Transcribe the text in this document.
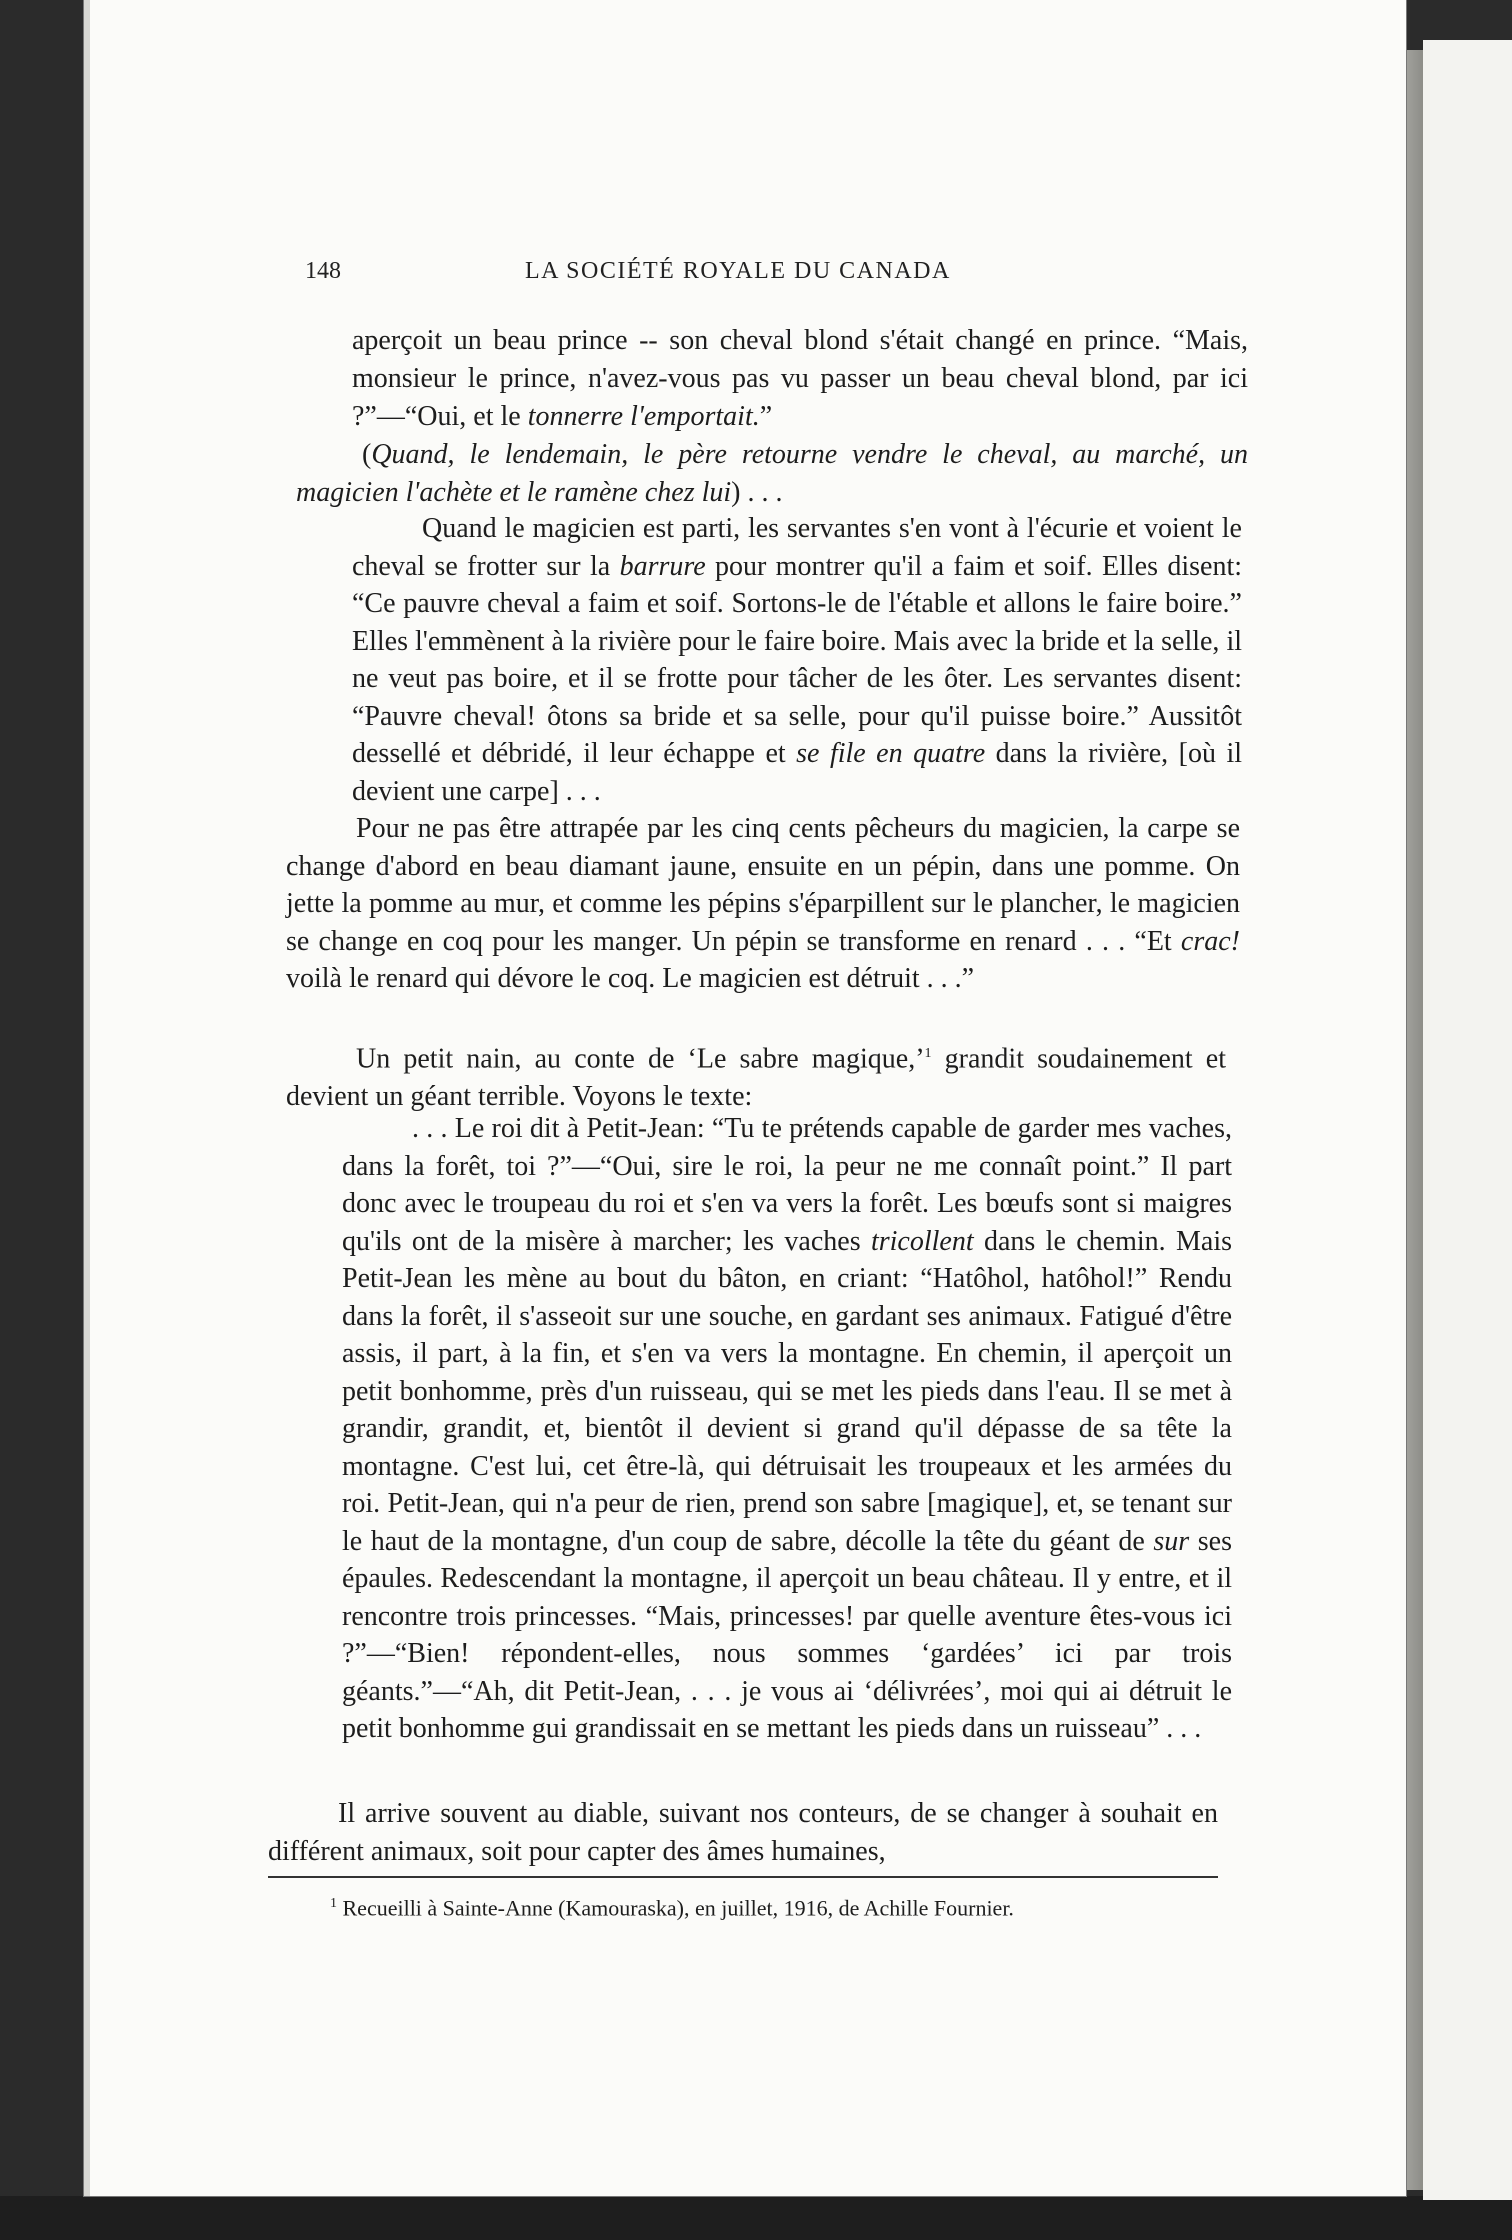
148	LA SOCIÉTÉ ROYALE DU CANADA

aperçoit un beau prince -- son cheval blond s'était changé en prince. “Mais, monsieur le prince, n'avez-vous pas vu passer un beau cheval blond, par ici ?”—“Oui, et le tonnerre l'emportait.”

(Quand, le lendemain, le père retourne vendre le cheval, au marché, un magicien l'achète et le ramène chez lui) . . .

Quand le magicien est parti, les servantes s'en vont à l'écurie et voient le cheval se frotter sur la barrure pour montrer qu'il a faim et soif. Elles disent: “Ce pauvre cheval a faim et soif. Sortons-le de l'étable et allons le faire boire.” Elles l'emmènent à la rivière pour le faire boire. Mais avec la bride et la selle, il ne veut pas boire, et il se frotte pour tâcher de les ôter. Les servantes disent: “Pauvre cheval! ôtons sa bride et sa selle, pour qu'il puisse boire.” Aussitôt dessellé et débridé, il leur échappe et se file en quatre dans la rivière, [où il devient une carpe] . . .

Pour ne pas être attrapée par les cinq cents pêcheurs du magicien, la carpe se change d'abord en beau diamant jaune, ensuite en un pépin, dans une pomme. On jette la pomme au mur, et comme les pépins s'éparpillent sur le plancher, le magicien se change en coq pour les manger. Un pépin se transforme en renard . . . “Et crac! voilà le renard qui dévore le coq. Le magicien est détruit . . .”

Un petit nain, au conte de ‘Le sabre magique,’$^1$ grandit soudainement et devient un géant terrible. Voyons le texte:

. . . Le roi dit à Petit-Jean: “Tu te prétends capable de garder mes vaches, dans la forêt, toi ?”—“Oui, sire le roi, la peur ne me connaît point.” Il part donc avec le troupeau du roi et s'en va vers la forêt. Les bœufs sont si maigres qu'ils ont de la misère à marcher; les vaches tricollent dans le chemin. Mais Petit-Jean les mène au bout du bâton, en criant: “Hatôhol, hatôhol!” Rendu dans la forêt, il s'asseoit sur une souche, en gardant ses animaux. Fatigué d'être assis, il part, à la fin, et s'en va vers la montagne. En chemin, il aperçoit un petit bonhomme, près d'un ruisseau, qui se met les pieds dans l'eau. Il se met à grandir, grandit, et, bientôt il devient si grand qu'il dépasse de sa tête la montagne. C'est lui, cet être-là, qui détruisait les troupeaux et les armées du roi. Petit-Jean, qui n'a peur de rien, prend son sabre [magique], et, se tenant sur le haut de la montagne, d'un coup de sabre, décolle la tête du géant de sur ses épaules. Redescendant la montagne, il aperçoit un beau château. Il y entre, et il rencontre trois princesses. “Mais, princesses! par quelle aventure êtes-vous ici ?”—“Bien! répondent-elles, nous sommes ‘gardées’ ici par trois géants.”—“Ah, dit Petit-Jean, . . . je vous ai ‘délivrées’, moi qui ai détruit le petit bonhomme gui grandissait en se mettant les pieds dans un ruisseau” . . .

Il arrive souvent au diable, suivant nos conteurs, de se changer à souhait en différent animaux, soit pour capter des âmes humaines,

$^1$ Recueilli à Sainte-Anne (Kamouraska), en juillet, 1916, de Achille Fournier.
